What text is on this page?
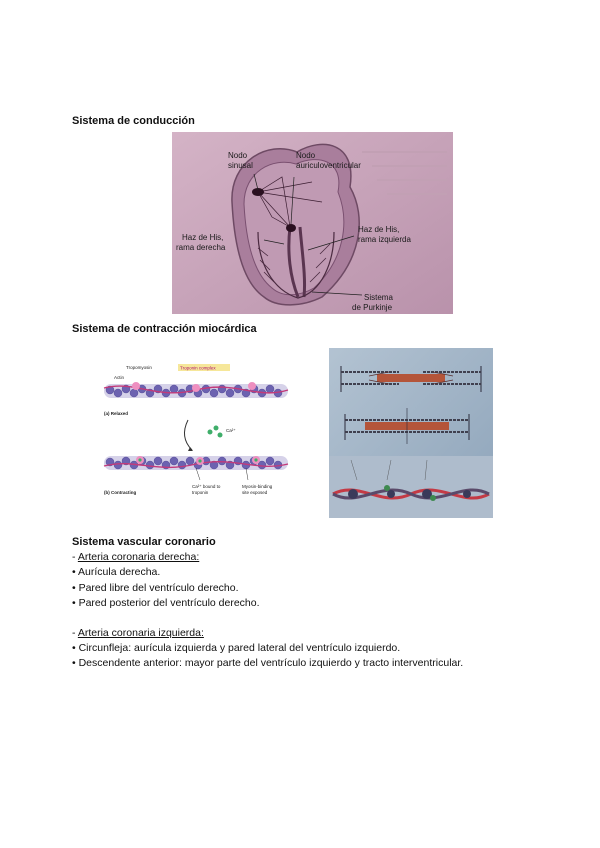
Sistema de conducción
Nodo
sinusal
Nodo
auriculoventricular
Haz de His,
rama derecha
Haz de His,
rama izquierda
Sistema
de Purkinje
Sistema de contracción miocárdica
Actin
Tropomyosin
(a) Relaxed
Ca²⁺
Ca²⁺ bound to
troponin
Myosin-binding
site exposed
(b) Contracting
Troponin complex
Sistema vascular coronario
- Arteria coronaria derecha:
• Aurícula derecha.
• Pared libre del ventrículo derecho.
• Pared posterior del ventrículo derecho.
- Arteria coronaria izquierda:
• Circunfleja: aurícula izquierda y pared lateral del ventrículo izquierdo.
• Descendente anterior: mayor parte del ventrículo izquierdo y tracto interventricular.
